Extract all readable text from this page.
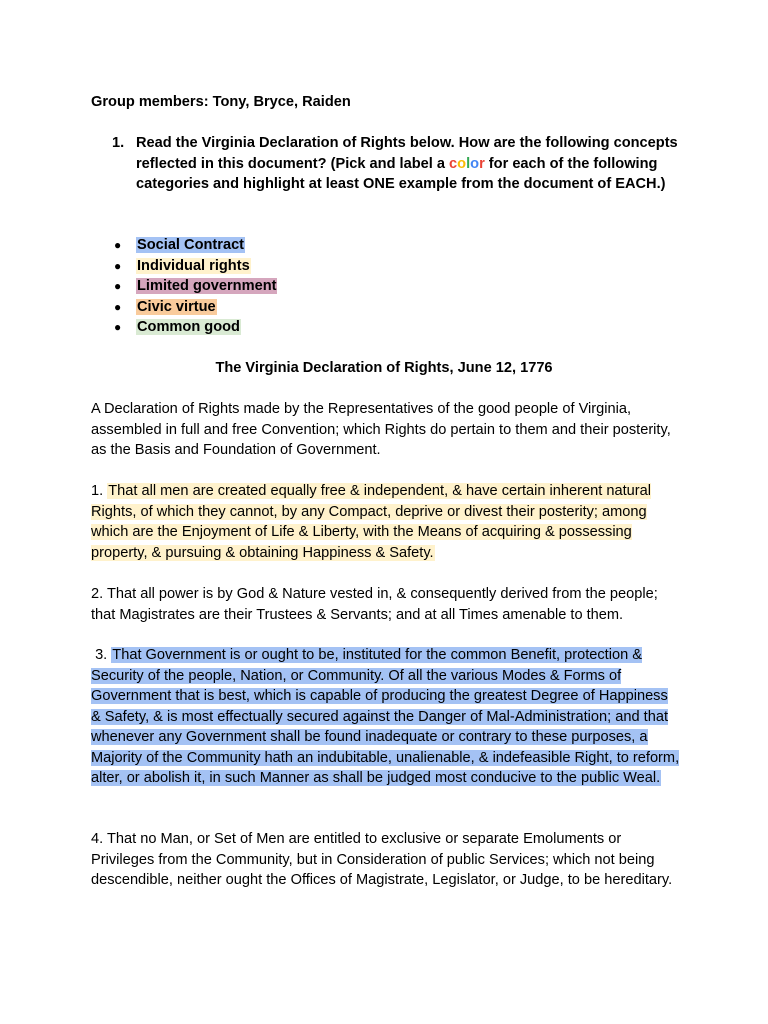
Group members: Tony, Bryce, Raiden
1. Read the Virginia Declaration of Rights below. How are the following concepts reflected in this document? (Pick and label a color for each of the following categories and highlight at least ONE example from the document of EACH.)
● Social Contract
● Individual rights
● Limited government
● Civic virtue
● Common good
The Virginia Declaration of Rights, June 12, 1776

A Declaration of Rights made by the Representatives of the good people of Virginia, assembled in full and free Convention; which Rights do pertain to them and their posterity, as the Basis and Foundation of Government.

1. That all men are created equally free & independent, & have certain inherent natural Rights, of which they cannot, by any Compact, deprive or divest their posterity; among which are the Enjoyment of Life & Liberty, with the Means of acquiring & possessing property, & pursuing & obtaining Happiness & Safety.

2. That all power is by God & Nature vested in, & consequently derived from the people; that Magistrates are their Trustees & Servants; and at all Times amenable to them.

3. That Government is or ought to be, instituted for the common Benefit, protection & Security of the people, Nation, or Community. Of all the various Modes & Forms of Government that is best, which is capable of producing the greatest Degree of Happiness & Safety, & is most effectually secured against the Danger of Mal-Administration; and that whenever any Government shall be found inadequate or contrary to these purposes, a Majority of the Community hath an indubitable, unalienable, & indefeasible Right, to reform, alter, or abolish it, in such Manner as shall be judged most conducive to the public Weal.

4. That no Man, or Set of Men are entitled to exclusive or separate Emoluments or Privileges from the Community, but in Consideration of public Services; which not being descendible, neither ought the Offices of Magistrate, Legislator, or Judge, to be hereditary.
